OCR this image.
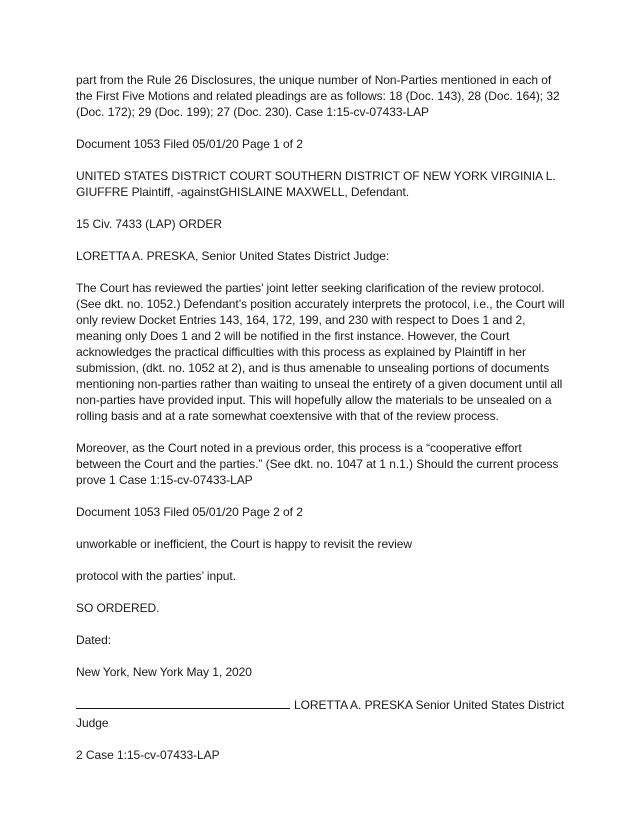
part from the Rule 26 Disclosures, the unique number of Non-Parties mentioned in each of the First Five Motions and related pleadings are as follows: 18 (Doc. 143), 28 (Doc. 164); 32 (Doc. 172); 29 (Doc. 199); 27 (Doc. 230). Case 1:15-cv-07433-LAP

Document 1053 Filed 05/01/20 Page 1 of 2

UNITED STATES DISTRICT COURT SOUTHERN DISTRICT OF NEW YORK VIRGINIA L. GIUFFRE Plaintiff, -againstGHISLAINE MAXWELL, Defendant.

15 Civ. 7433 (LAP) ORDER

LORETTA A. PRESKA, Senior United States District Judge:

The Court has reviewed the parties’ joint letter seeking clarification of the review protocol. (See dkt. no. 1052.) Defendant’s position accurately interprets the protocol, i.e., the Court will only review Docket Entries 143, 164, 172, 199, and 230 with respect to Does 1 and 2, meaning only Does 1 and 2 will be notified in the first instance. However, the Court acknowledges the practical difficulties with this process as explained by Plaintiff in her submission, (dkt. no. 1052 at 2), and is thus amenable to unsealing portions of documents mentioning non-parties rather than waiting to unseal the entirety of a given document until all non-parties have provided input. This will hopefully allow the materials to be unsealed on a rolling basis and at a rate somewhat coextensive with that of the review process.

Moreover, as the Court noted in a previous order, this process is a “cooperative effort between the Court and the parties.” (See dkt. no. 1047 at 1 n.1.) Should the current process prove 1 Case 1:15-cv-07433-LAP

Document 1053 Filed 05/01/20 Page 2 of 2

unworkable or inefficient, the Court is happy to revisit the review

protocol with the parties’ input.

SO ORDERED.

Dated:

New York, New York May 1, 2020

LORETTA A. PRESKA Senior United States District

Judge

2 Case 1:15-cv-07433-LAP
